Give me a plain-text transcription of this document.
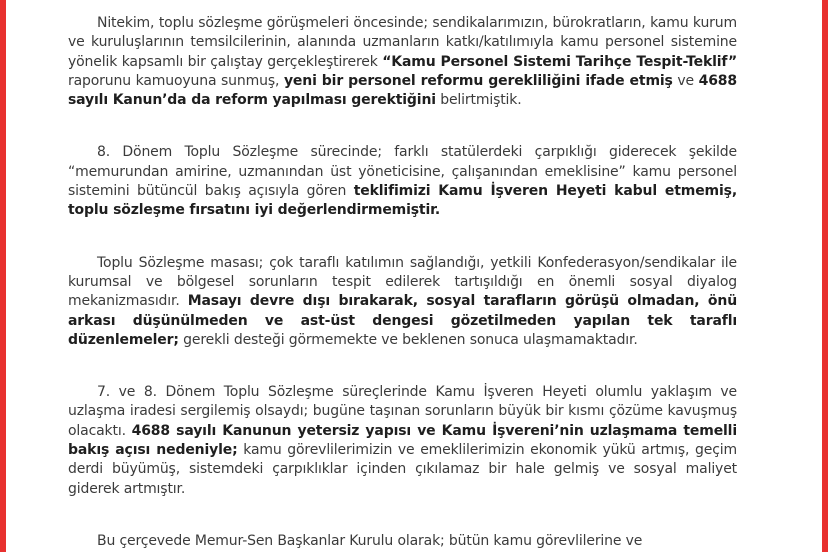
Nitekim, toplu sözleşme görüşmeleri öncesinde; sendikalarımızın, bürokratların, kamu kurum ve kuruluşlarının temsilcilerinin, alanında uzmanların katkı/katılımıyla kamu personel sistemine yönelik kapsamlı bir çalıştay gerçekleştirerek “Kamu Personel Sistemi Tarihçe Tespit-Teklif” raporunu kamuoyuna sunmuş, yeni bir personel reformu gerekliliğini ifade etmiş ve 4688 sayılı Kanun’da da reform yapılması gerektiğini belirtmiştik.

8. Dönem Toplu Sözleşme sürecinde; farklı statülerdeki çarpıklığı giderecek şekilde “memurundan amirine, uzmanından üst yöneticisine, çalışanından emeklisine” kamu personel sistemini bütüncül bakış açısıyla gören teklifimizi Kamu İşveren Heyeti kabul etmemiş, toplu sözleşme fırsatını iyi değerlendirmemiştir.

Toplu Sözleşme masası; çok taraflı katılımın sağlandığı, yetkili Konfederasyon/sendikalar ile kurumsal ve bölgesel sorunların tespit edilerek tartışıldığı en önemli sosyal diyalog mekanizmasıdır. Masayı devre dışı bırakarak, sosyal tarafların görüşü olmadan, önü arkası düşünülmeden ve ast-üst dengesi gözetilmeden yapılan tek taraflı düzenlemeler; gerekli desteği görmemekte ve beklenen sonuca ulaşmamaktadır.

7. ve 8. Dönem Toplu Sözleşme süreçlerinde Kamu İşveren Heyeti olumlu yaklaşım ve uzlaşma iradesi sergilemiş olsaydı; bugüne taşınan sorunların büyük bir kısmı çözüme kavuşmuş olacaktı. 4688 sayılı Kanunun yetersiz yapısı ve Kamu İşvereni’nin uzlaşmama temelli bakış açısı nedeniyle; kamu görevlilerimizin ve emeklilerimizin ekonomik yükü artmış, geçim derdi büyümüş, sistemdeki çarpıklıklar içinden çıkılamaz bir hale gelmiş ve sosyal maliyet giderek artmıştır.

Bu çerçevede Memur-Sen Başkanlar Kurulu olarak; bütün kamu görevlilerine ve
